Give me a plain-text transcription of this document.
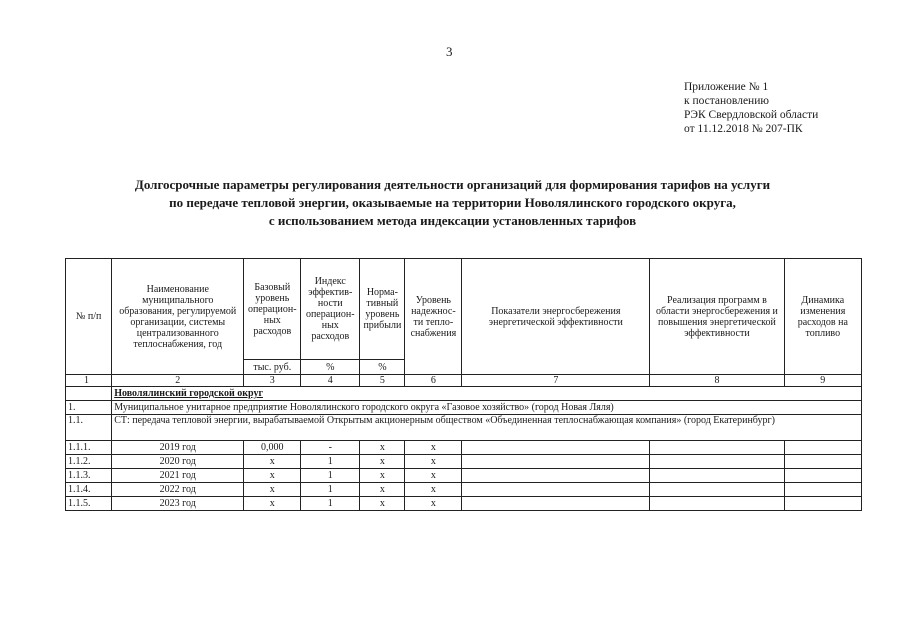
3
Приложение № 1
к постановлению
РЭК Свердловской области
от 11.12.2018 № 207-ПК
Долгосрочные параметры регулирования деятельности организаций для формирования тарифов на услуги
по передаче тепловой энергии, оказываемые на территории Новолялинского городского округа,
с использованием метода индексации установленных тарифов
№ п/п	Наименование муниципального образования, регулируемой организации, системы централизованного теплоснабжения, год	Базовый уровень операцион-ных расходов	Индекс эффектив-ности операцион-ных расходов	Норма-тивный уровень прибыли	Уровень надежнос-ти тепло-снабжения	Показатели энергосбережения энергетической эффективности	Реализация программ в области энергосбережения и повышения энергетической эффективности	Динамика изменения расходов на топливо
		тыс. руб.	%	%				
1	2	3	4	5	6	7	8	9
	Новолялинский городской округ							
1.	Муниципальное унитарное предприятие Новолялинского городского округа «Газовое хозяйство» (город Новая Ляля)							
1.1.	СТ: передача тепловой энергии, вырабатываемой Открытым акционерным обществом «Объединенная теплоснабжающая компания» (город Екатеринбург)							
1.1.1.	2019 год	0,000	-	x	x			
1.1.2.	2020 год	x	1	x	x			
1.1.3.	2021 год	x	1	x	x			
1.1.4.	2022 год	x	1	x	x			
1.1.5.	2023 год	x	1	x	x			
